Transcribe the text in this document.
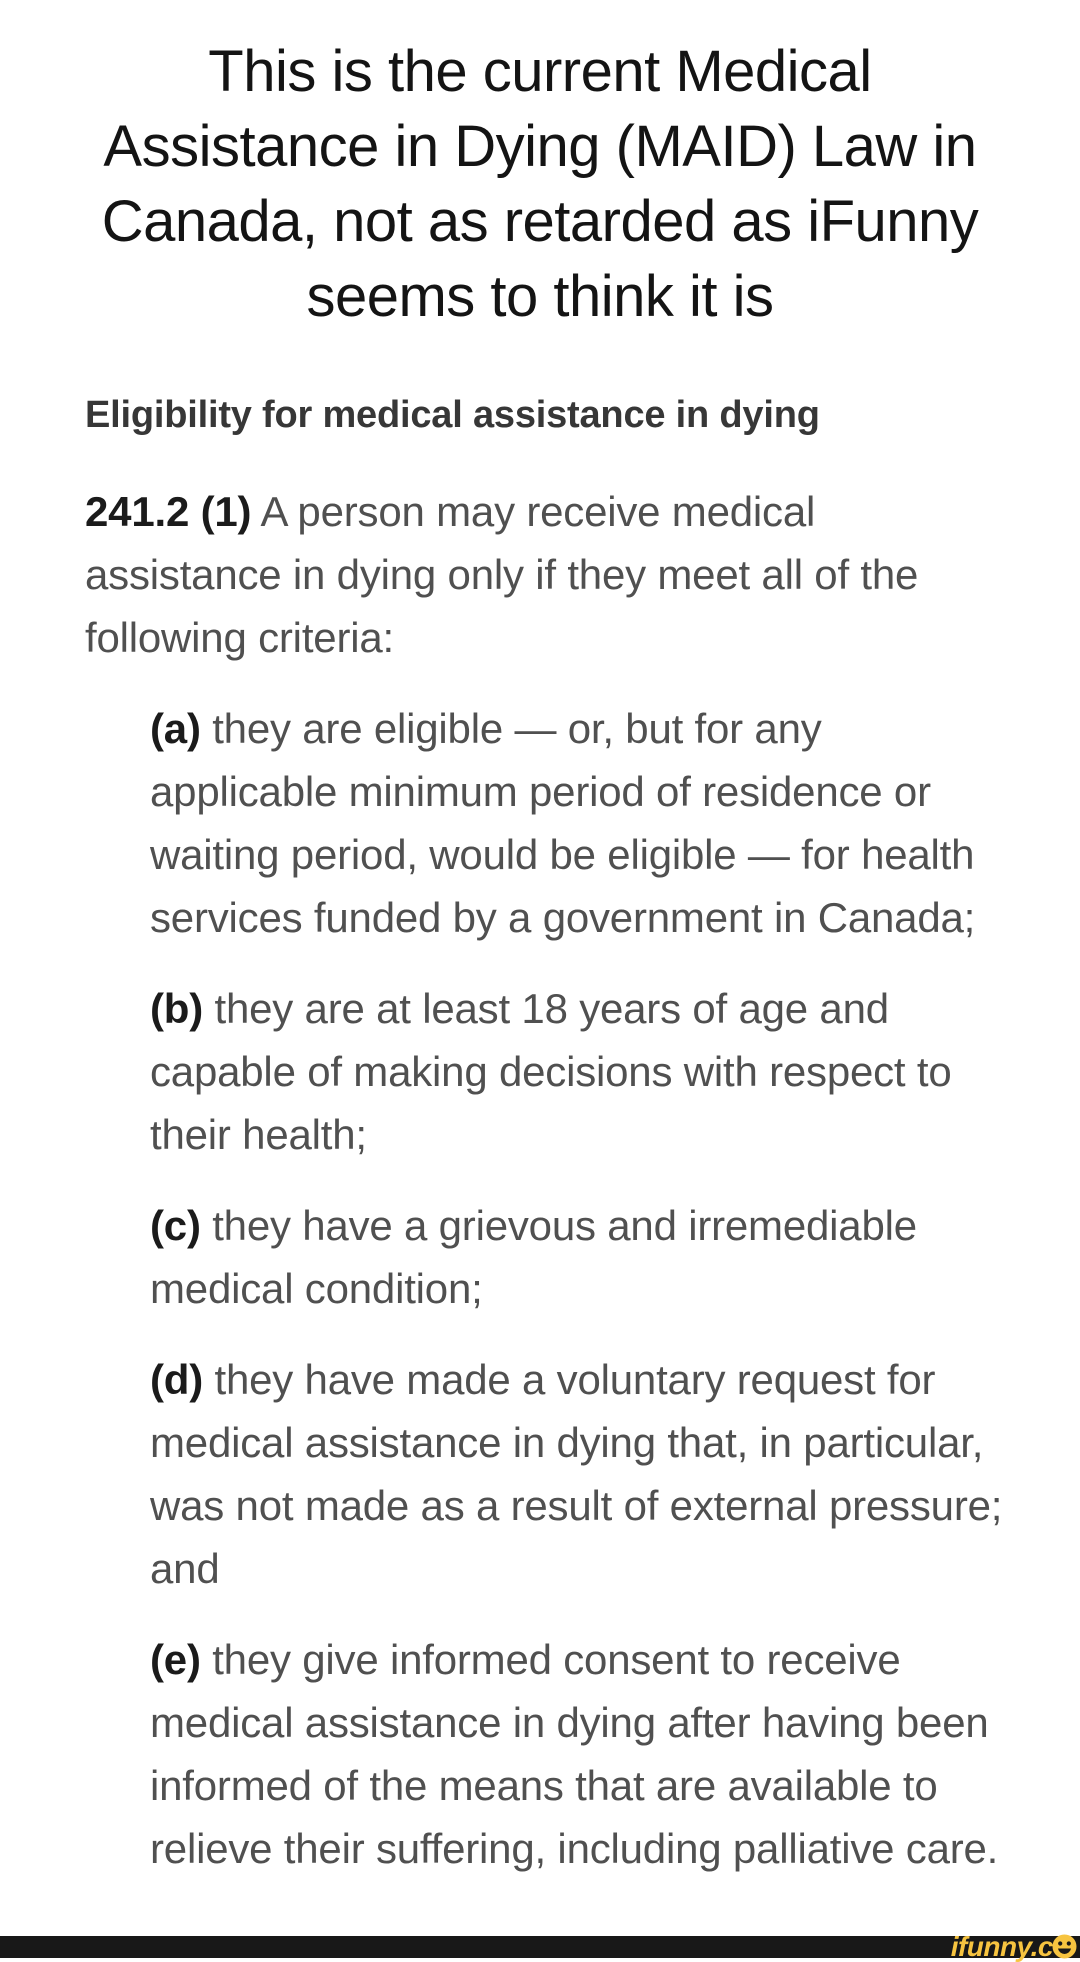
This is the current Medical
Assistance in Dying (MAID) Law in
Canada, not as retarded as iFunny
seems to think it is
Eligibility for medical assistance in dying

241.2 (1) A person may receive medical assistance in dying only if they meet all of the following criteria:

(a) they are eligible — or, but for any applicable minimum period of residence or waiting period, would be eligible — for health services funded by a government in Canada;

(b) they are at least 18 years of age and capable of making decisions with respect to their health;

(c) they have a grievous and irremediable medical condition;

(d) they have made a voluntary request for medical assistance in dying that, in particular, was not made as a result of external pressure; and

(e) they give informed consent to receive medical assistance in dying after having been informed of the means that are available to relieve their suffering, including palliative care.

ifunny.c
